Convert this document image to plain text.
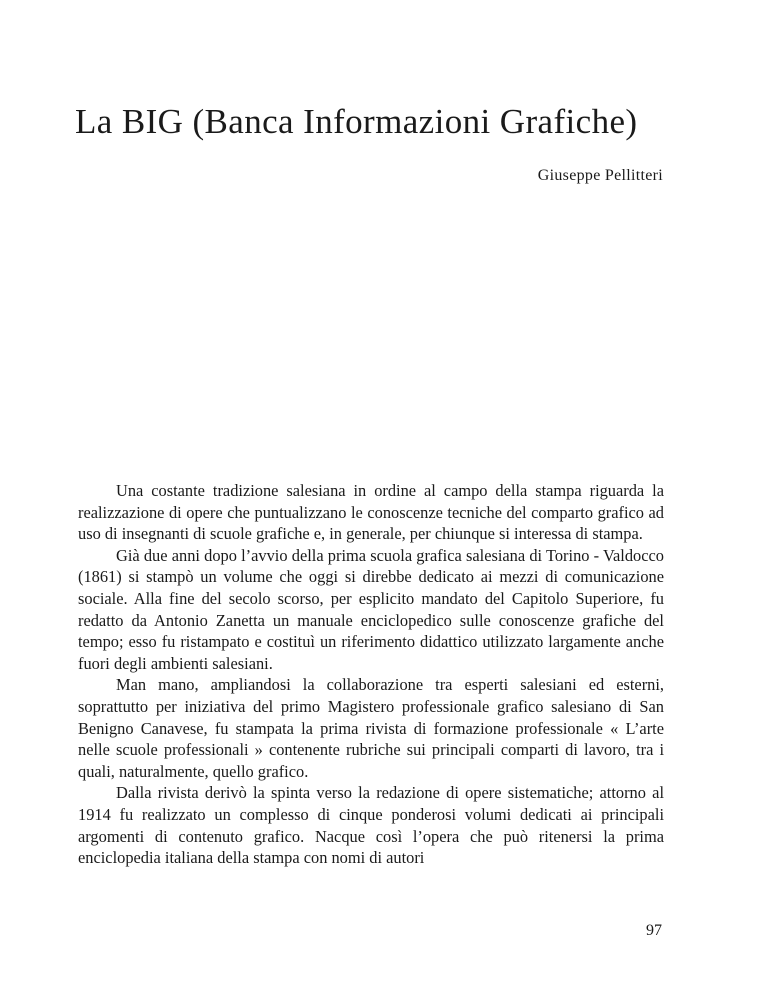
La BIG (Banca Informazioni Grafiche)

Giuseppe Pellitteri

Una costante tradizione salesiana in ordine al campo della stampa riguarda la realizzazione di opere che puntualizzano le conoscenze tecniche del comparto grafico ad uso di insegnanti di scuole grafiche e, in generale, per chiunque si interessa di stampa.

Già due anni dopo l’avvio della prima scuola grafica salesiana di Torino - Valdocco (1861) si stampò un volume che oggi si direbbe dedicato ai mezzi di comunicazione sociale. Alla fine del secolo scorso, per esplicito mandato del Capitolo Superiore, fu redatto da Antonio Zanetta un manuale enciclopedico sulle conoscenze grafiche del tempo; esso fu ristampato e costituì un riferimento didattico utilizzato largamente anche fuori degli ambienti salesiani.

Man mano, ampliandosi la collaborazione tra esperti salesiani ed esterni, soprattutto per iniziativa del primo Magistero professionale grafico salesiano di San Benigno Canavese, fu stampata la prima rivista di formazione professionale « L’arte nelle scuole professionali » contenente rubriche sui principali comparti di lavoro, tra i quali, naturalmente, quello grafico.

Dalla rivista derivò la spinta verso la redazione di opere sistematiche; attorno al 1914 fu realizzato un complesso di cinque ponderosi volumi dedicati ai principali argomenti di contenuto grafico. Nacque così l’opera che può ritenersi la prima enciclopedia italiana della stampa con nomi di autori

97
